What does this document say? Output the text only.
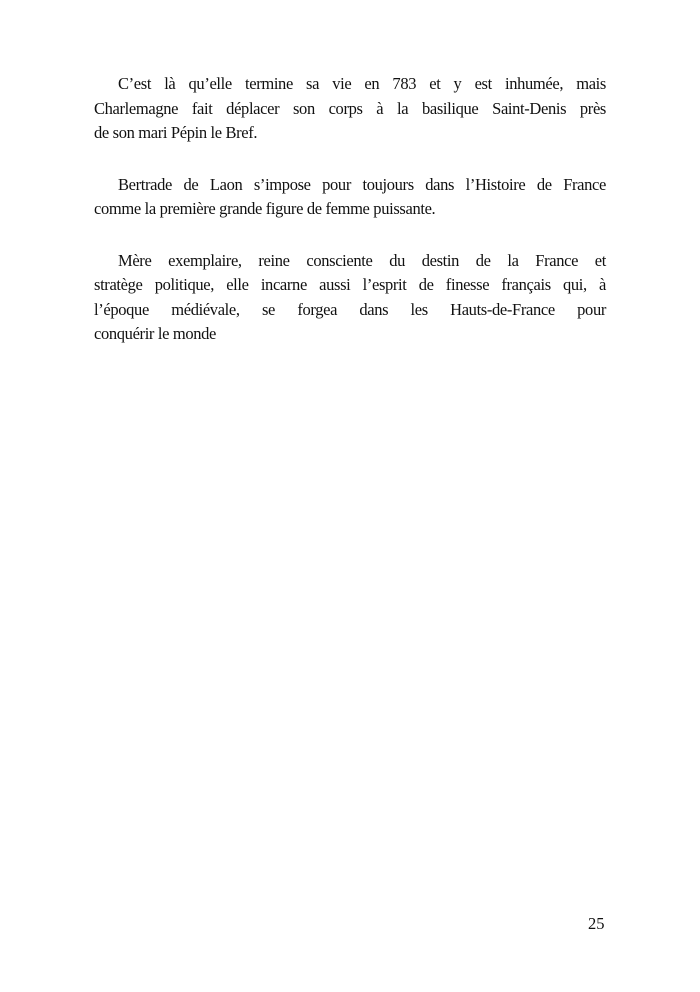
C’est là qu’elle termine sa vie en 783 et y est inhumée, mais
Charlemagne fait déplacer son corps à la basilique Saint-Denis près
de son mari Pépin le Bref.

Bertrade de Laon s’impose pour toujours dans l’Histoire de France
comme la première grande figure de femme puissante.

Mère exemplaire, reine consciente du destin de la France et
stratège politique, elle incarne aussi l’esprit de finesse français qui, à
l’époque médiévale, se forgea dans les Hauts-de-France pour
conquérir le monde

25
